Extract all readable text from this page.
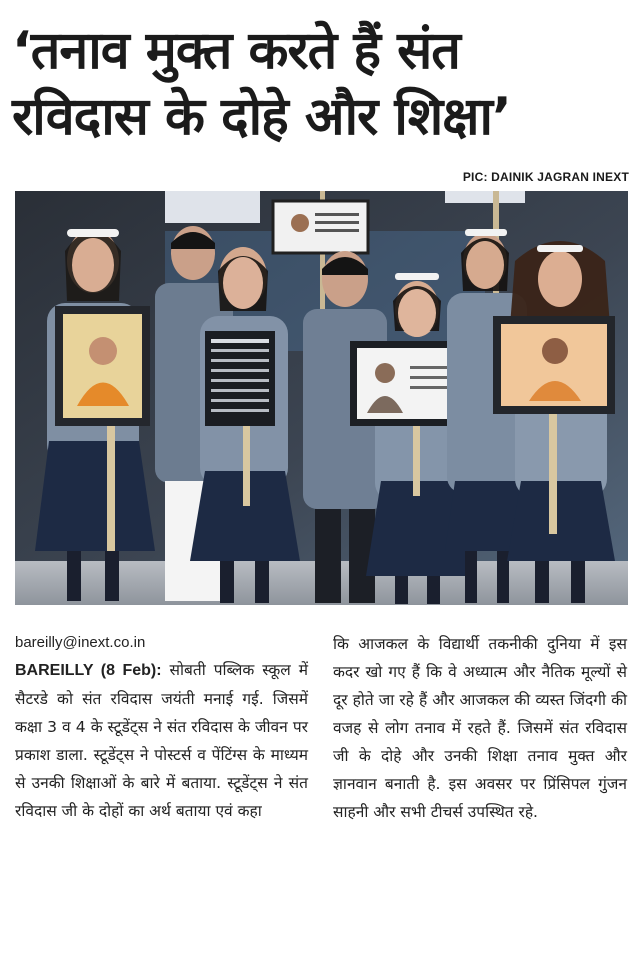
‘तनाव मुक्त करते हैं संत
रविदास के दोहे और शिक्षा’
PIC: DAINIK JAGRAN INEXT
bareilly@inext.co.in
BAREILLY (8 Feb): सोबती पब्लिक स्कूल में सैटरडे को संत रविदास जयंती मनाई गई. जिसमें कक्षा 3 व 4 के स्टूडेंट्स ने संत रविदास के जीवन पर प्रकाश डाला. स्टूडेंट्स ने पोस्टर्स व पेंटिंग्स के माध्यम से उनकी शिक्षाओं के बारे में बताया. स्टूडेंट्स ने संत रविदास जी के दोहों का अर्थ बताया एवं कहा
कि आजकल के विद्यार्थी तकनीकी दुनिया में इस कदर खो गए हैं कि वे अध्यात्म और नैतिक मूल्यों से दूर होते जा रहे हैं और आजकल की व्यस्त जिंदगी की वजह से लोग तनाव में रहते हैं. जिसमें संत रविदास जी के दोहे और उनकी शिक्षा तनाव मुक्त और ज्ञानवान बनाती है. इस अवसर पर प्रिंसिपल गुंजन साहनी और सभी टीचर्स उपस्थित रहे.
